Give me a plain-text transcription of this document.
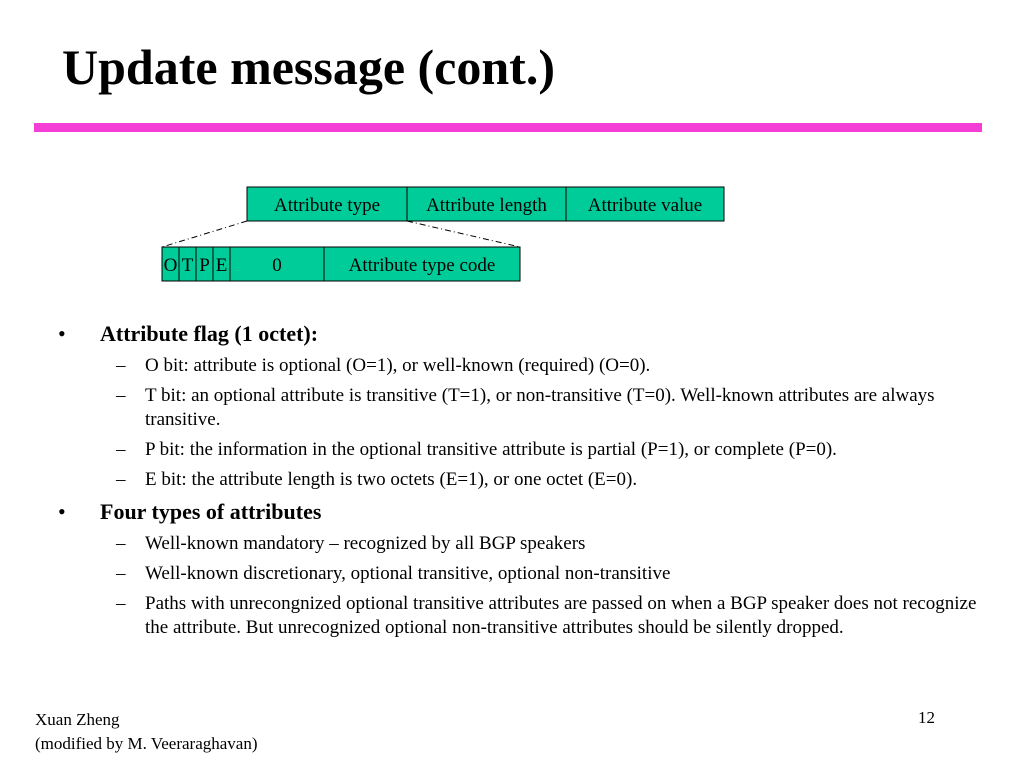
Update message (cont.)
Attribute type Attribute length Attribute value
O T P E 0	Attribute type code
• Attribute flag (1 octet):
– O bit: attribute is optional (O=1), or well-known (required) (O=0).
– T bit: an optional attribute is transitive (T=1), or non-transitive (T=0). Well-known attributes are always transitive.
– P bit: the information in the optional transitive attribute is partial (P=1), or complete (P=0).
– E bit: the attribute length is two octets (E=1), or one octet (E=0).
• Four types of attributes
– Well-known mandatory – recognized by all BGP speakers
– Well-known discretionary, optional transitive, optional non-transitive
– Paths with unrecongnized optional transitive attributes are passed on when a BGP speaker does not recognize the attribute. But unrecognized optional non-transitive attributes should be silently dropped.
Xuan Zheng
(modified by M. Veeraraghavan)
12
